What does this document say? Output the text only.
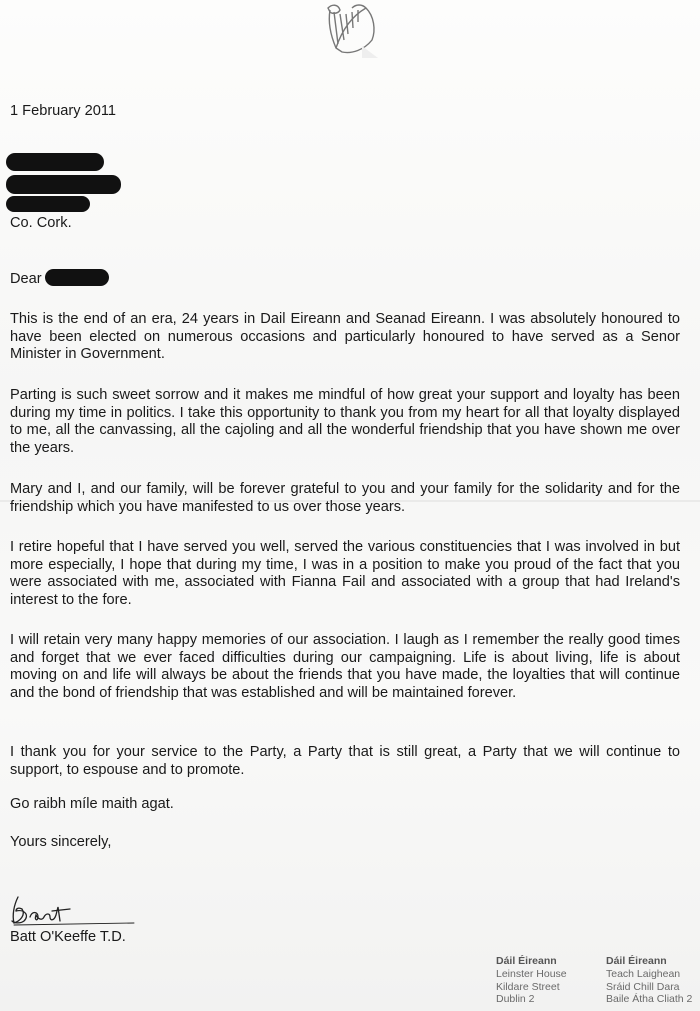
1 February 2011
Co. Cork.
Dear
This is the end of an era, 24 years in Dail Eireann and Seanad Eireann. I was absolutely honoured to have been elected on numerous occasions and particularly honoured to have served as a Senor Minister in Government.
Parting is such sweet sorrow and it makes me mindful of how great your support and loyalty has been during my time in politics. I take this opportunity to thank you from my heart for all that loyalty displayed to me, all the canvassing, all the cajoling and all the wonderful friendship that you have shown me over the years.
Mary and I, and our family, will be forever grateful to you and your family for the solidarity and for the friendship which you have manifested to us over those years.
I retire hopeful that I have served you well, served the various constituencies that I was involved in but more especially, I hope that during my time, I was in a position to make you proud of the fact that you were associated with me, associated with Fianna Fail and associated with a group that had Ireland's interest to the fore.
I will retain very many happy memories of our association. I laugh as I remember the really good times and forget that we ever faced difficulties during our campaigning. Life is about living, life is about moving on and life will always be about the friends that you have made, the loyalties that will continue and the bond of friendship that was established and will be maintained forever.
I thank you for your service to the Party, a Party that is still great, a Party that we will continue to support, to espouse and to promote.
Go raibh míle maith agat.
Yours sincerely,
Batt O'Keeffe T.D.
Dáil Éireann
Leinster House
Kildare Street
Dublin 2
Dáil Éireann
Teach Laighean
Sráid Chill Dara
Baile Átha Cliath 2
